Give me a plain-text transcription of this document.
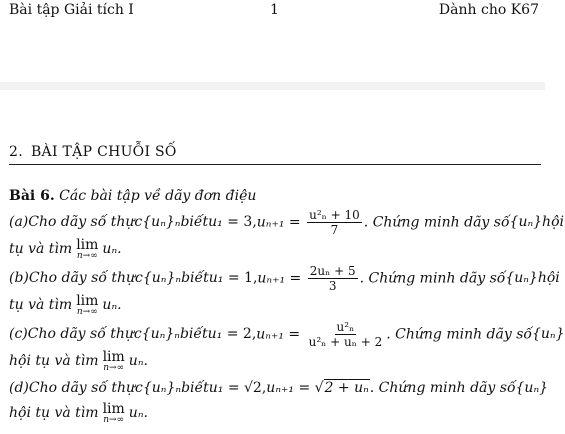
Bài tập Giải tích I	1	Dành cho K67
2. BÀI TẬP CHUỖI SỐ
Bài 6. Các bài tập về dãy đơn điệu
(a) Cho dãy số thực {uₙ}ₙ biết u₁ = 3, $u_{n+1} = \frac{\text{u²ₙ + 10}}{7}$ . Chứng minh dãy số {uₙ} hội
tụ và tìm lim
n→∞ uₙ.
(b) Cho dãy số thực {uₙ}ₙ biết u₁ = 1, $u_{n+1} = \frac{\text{2uₙ + 5}}{3}$ . Chứng minh dãy số {uₙ} hội
tụ và tìm lim
n→∞ uₙ.
(c) Cho dãy số thực {uₙ}ₙ biết u₁ = 2, $u_{n+1} = \frac{\text{u²ₙ}}{\text{u²ₙ + uₙ + 2}}$ . Chứng minh dãy số {uₙ}
hội tụ và tìm lim
n→∞ uₙ.
(d) Cho dãy số thực {uₙ}ₙ biết u₁ = √2, uₙ₊₁ = √2 + uₙ. Chứng minh dãy số {uₙ}
hội tụ và tìm lim
n→∞ uₙ.
